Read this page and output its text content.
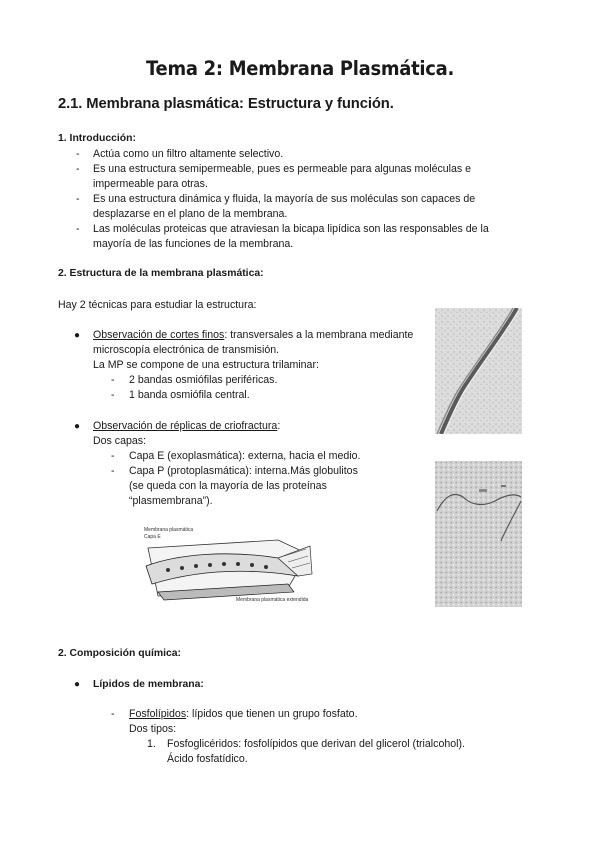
Tema 2: Membrana Plasmática.
2.1. Membrana plasmática: Estructura y función.
1. Introducción:
- Actúa como un filtro altamente selectivo.
- Es una estructura semipermeable, pues es permeable para algunas moléculas e
impermeable para otras.
- Es una estructura dinámica y fluida, la mayoría de sus moléculas son capaces de
desplazarse en el plano de la membrana.
- Las moléculas proteicas que atraviesan la bicapa lipídica son las responsables de la
mayoría de las funciones de la membrana.
2. Estructura de la membrana plasmática:
Hay 2 técnicas para estudiar la estructura:
● Observación de cortes finos: transversales a la membrana mediante
microscopía electrónica de transmisión.
La MP se compone de una estructura trilaminar:
- 2 bandas osmiófilas periféricas.
- 1 banda osmiófila central.
● Observación de réplicas de criofractura:
Dos capas:
- Capa E (exoplasmática): externa, hacia el medio.
- Capa P (protoplasmática): interna.Más globulitos
(se queda con la mayoría de las proteínas
“plasmembrana”).
Membrana plasmática
Capa E
Membrana plasmática extendida
2. Composición química:
● Lípidos de membrana:
- Fosfolípidos: lípidos que tienen un grupo fosfato.
Dos tipos:
1. Fosfoglicéridos: fosfolípidos que derivan del glicerol (trialcohol).
Ácido fosfatídico.
